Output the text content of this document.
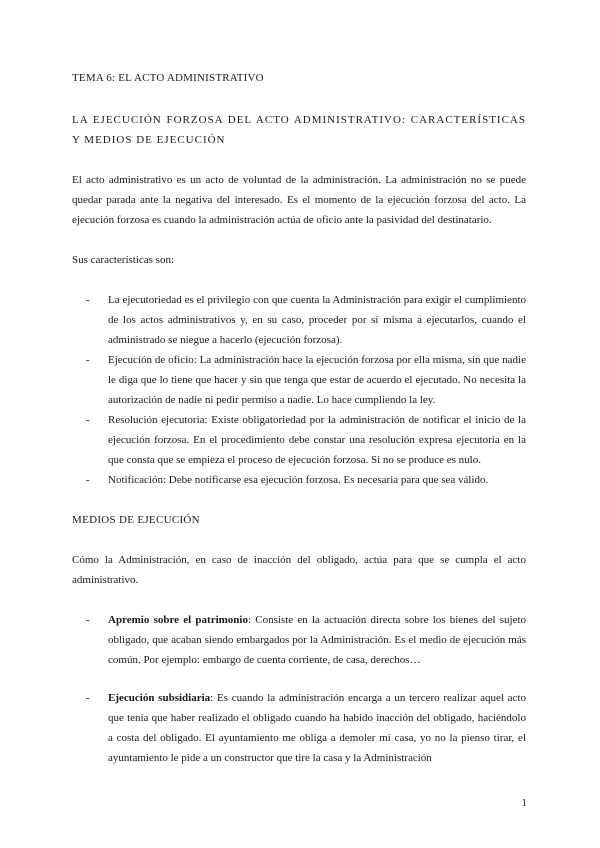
TEMA 6: EL ACTO ADMINISTRATIVO

LA EJECUCIÓN FORZOSA DEL ACTO ADMINISTRATIVO: CARACTERÍSTICAS Y MEDIOS DE EJECUCIÓN

El acto administrativo es un acto de voluntad de la administración. La administración no se puede quedar parada ante la negativa del interesado. Es el momento de la ejecución forzosa del acto. La ejecución forzosa es cuando la administración actúa de oficio ante la pasividad del destinatario.

Sus características son:

- La ejecutoriedad es el privilegio con que cuenta la Administración para exigir el cumplimiento de los actos administrativos y, en su caso, proceder por sí misma a ejecutarlos, cuando el administrado se niegue a hacerlo (ejecución forzosa).
- Ejecución de oficio: La administración hace la ejecución forzosa por ella misma, sin que nadie le diga que lo tiene que hacer y sin que tenga que estar de acuerdo el ejecutado. No necesita la autorización de nadie ni pedir permiso a nadie. Lo hace cumpliendo la ley.
- Resolución ejecutoria: Existe obligatoriedad por la administración de notificar el inicio de la ejecución forzosa. En el procedimiento debe constar una resolución expresa ejecutoria en la que consta que se empieza el proceso de ejecución forzosa. Si no se produce es nulo.
- Notificación: Debe notificarse esa ejecución forzosa. Es necesaria para que sea válido.

MEDIOS DE EJECUCIÓN

Cómo la Administración, en caso de inacción del obligado, actúa para que se cumpla el acto administrativo.

- Apremio sobre el patrimonio: Consiste en la actuación directa sobre los bienes del sujeto obligado, que acaban siendo embargados por la Administración. Es el medio de ejecución más común. Por ejemplo: embargo de cuenta corriente, de casa, derechos…
- Ejecución subsidiaria: Es cuando la administración encarga a un tercero realizar aquel acto que tenía que haber realizado el obligado cuando ha habido inacción del obligado, haciéndolo a costa del obligado. El ayuntamiento me obliga a demoler mi casa, yo no la pienso tirar, el ayuntamiento le pide a un constructor que tire la casa y la Administración
1
